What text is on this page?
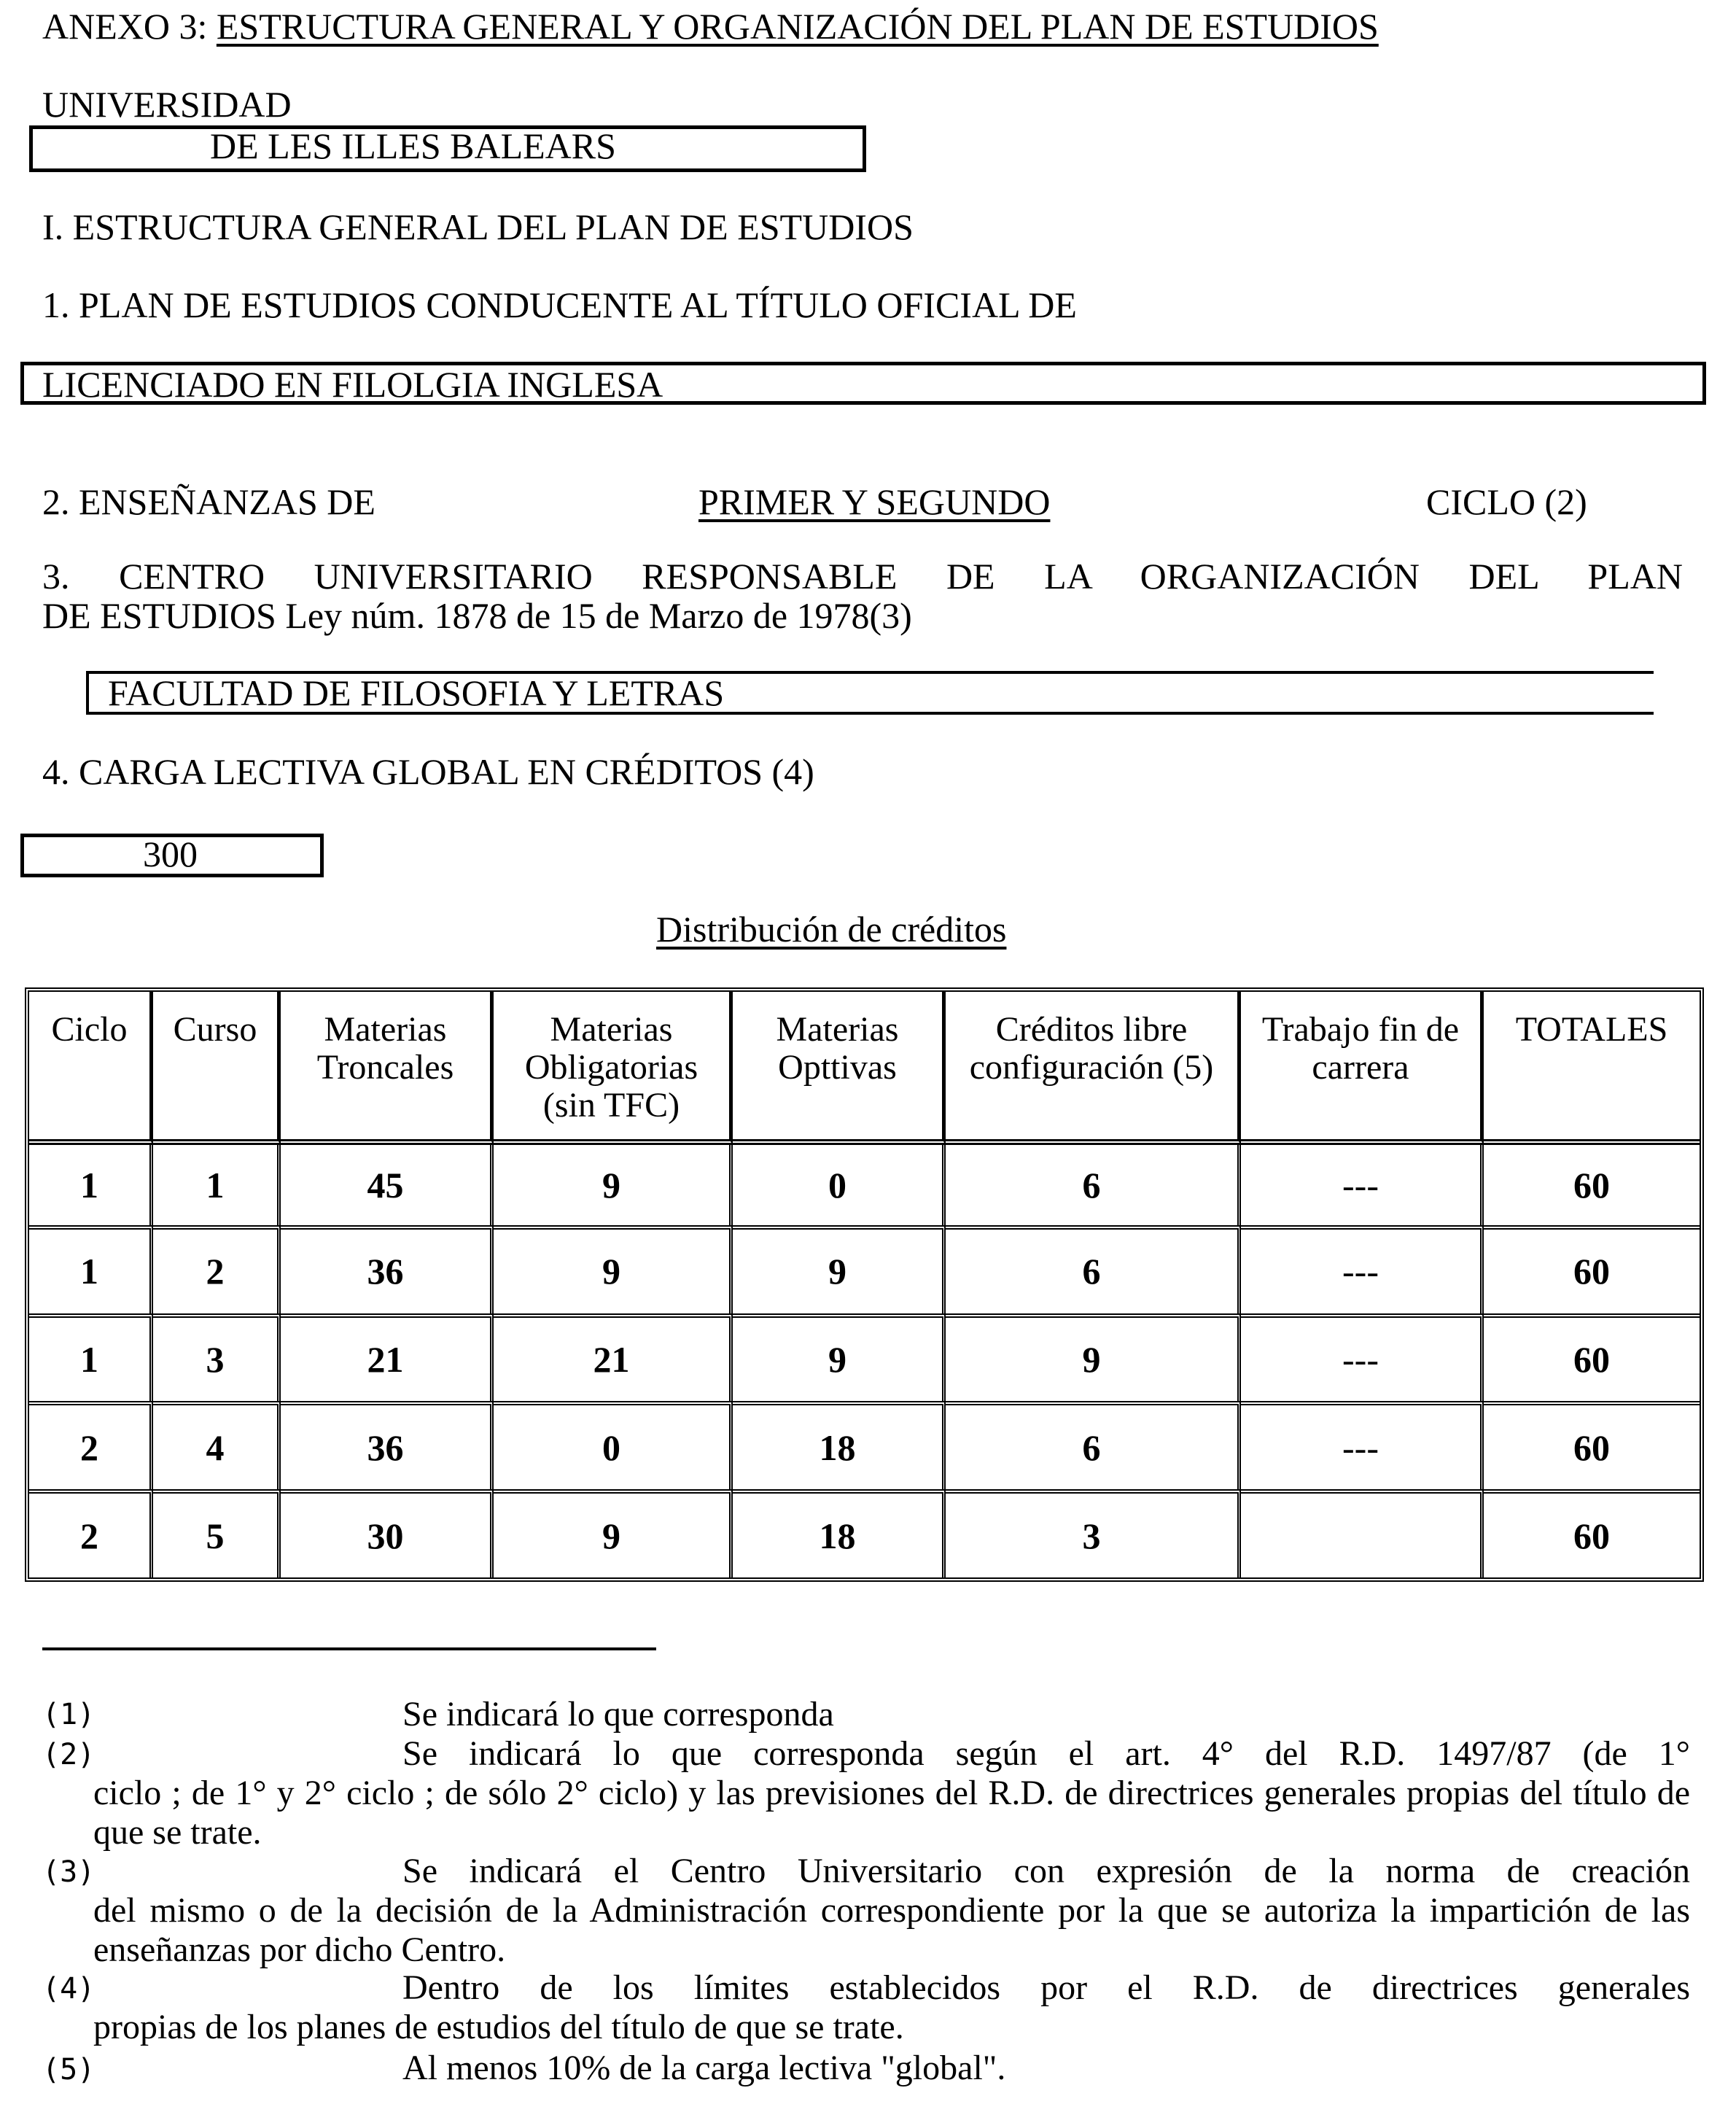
ANEXO 3: ESTRUCTURA GENERAL Y ORGANIZACIÓN DEL PLAN DE ESTUDIOS
UNIVERSIDAD
DE LES ILLES BALEARS
I. ESTRUCTURA GENERAL DEL PLAN DE ESTUDIOS
1. PLAN DE ESTUDIOS CONDUCENTE AL TÍTULO OFICIAL DE
LICENCIADO EN FILOLGIA INGLESA
2. ENSEÑANZAS DE	PRIMER Y SEGUNDO	CICLO (2)
3. CENTRO UNIVERSITARIO RESPONSABLE DE LA ORGANIZACIÓN DEL PLAN
DE ESTUDIOS Ley núm. 1878 de 15 de Marzo de 1978(3)
FACULTAD DE FILOSOFIA Y LETRAS
4. CARGA LECTIVA GLOBAL EN CRÉDITOS (4)
300
Distribución de créditos
Ciclo	Curso	Materias Troncales	Materias Obligatorias (sin TFC)	Materias Opttivas	Créditos libre configuración (5)	Trabajo fin de carrera	TOTALES
1	1	45	9	0	6	---	60
1	2	36	9	9	6	---	60
1	3	21	21	9	9	---	60
2	4	36	0	18	6	---	60
2	5	30	9	18	3		60
(1)	Se indicará lo que corresponda
(2)	Se indicará lo que corresponda según el art. 4° del R.D. 1497/87 (de 1°
ciclo ; de 1° y 2° ciclo ; de sólo 2° ciclo) y las previsiones del R.D. de directrices generales propias del título de que se trate.
(3)	Se indicará el Centro Universitario con expresión de la norma de creación
del mismo o de la decisión de la Administración correspondiente por la que se autoriza la impartición de las enseñanzas por dicho Centro.
(4)	Dentro de los límites establecidos por el R.D. de directrices generales
propias de los planes de estudios del título de que se trate.
(5)	Al menos 10% de la carga lectiva "global".
